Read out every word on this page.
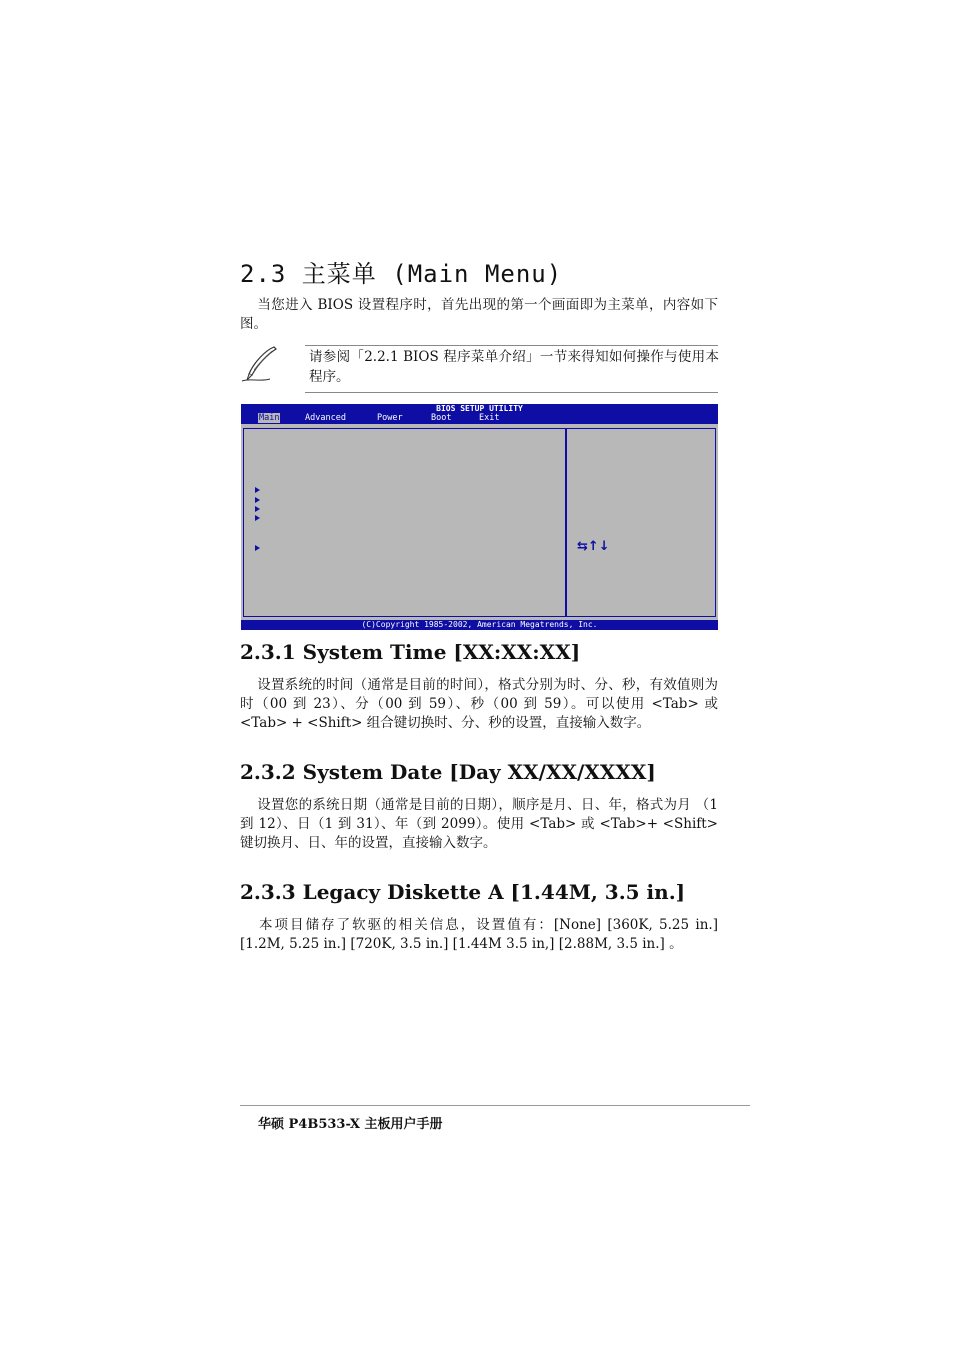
2.3 主菜单 (Main Menu)
当您进入 BIOS 设置程序时，首先出现的第一个画面即为主菜单，内容如下图。
请参阅「2.2.1 BIOS 程序菜单介绍」一节来得知如何操作与使用本程序。
BIOS SETUP UTILITY
Main	Advanced	Power	Boot	Exit
⇆↑↓
(C)Copyright 1985-2002, American Megatrends, Inc.
2.3.1 System Time [XX:XX:XX]
设置系统的时间（通常是目前的时间），格式分别为时、分、秒，有效值则为时（00 到 23）、分（00 到 59）、秒（00 到 59）。可以使用 <Tab> 或 <Tab> + <Shift> 组合键切换时、分、秒的设置，直接输入数字。
2.3.2 System Date [Day XX/XX/XXXX]
设置您的系统日期（通常是目前的日期），顺序是月、日、年，格式为月 （1 到 12）、日（1 到 31）、年（到 2099）。使用 <Tab> 或 <Tab>+ <Shift> 键切换月、日、年的设置，直接输入数字。
2.3.3 Legacy Diskette A [1.44M, 3.5 in.]
本项目储存了软驱的相关信息，设置值有：[None] [360K, 5.25 in.] [1.2M, 5.25 in.] [720K, 3.5 in.] [1.44M 3.5 in,] [2.88M, 3.5 in.] 。
华硕 P4B533-X 主板用户手册
